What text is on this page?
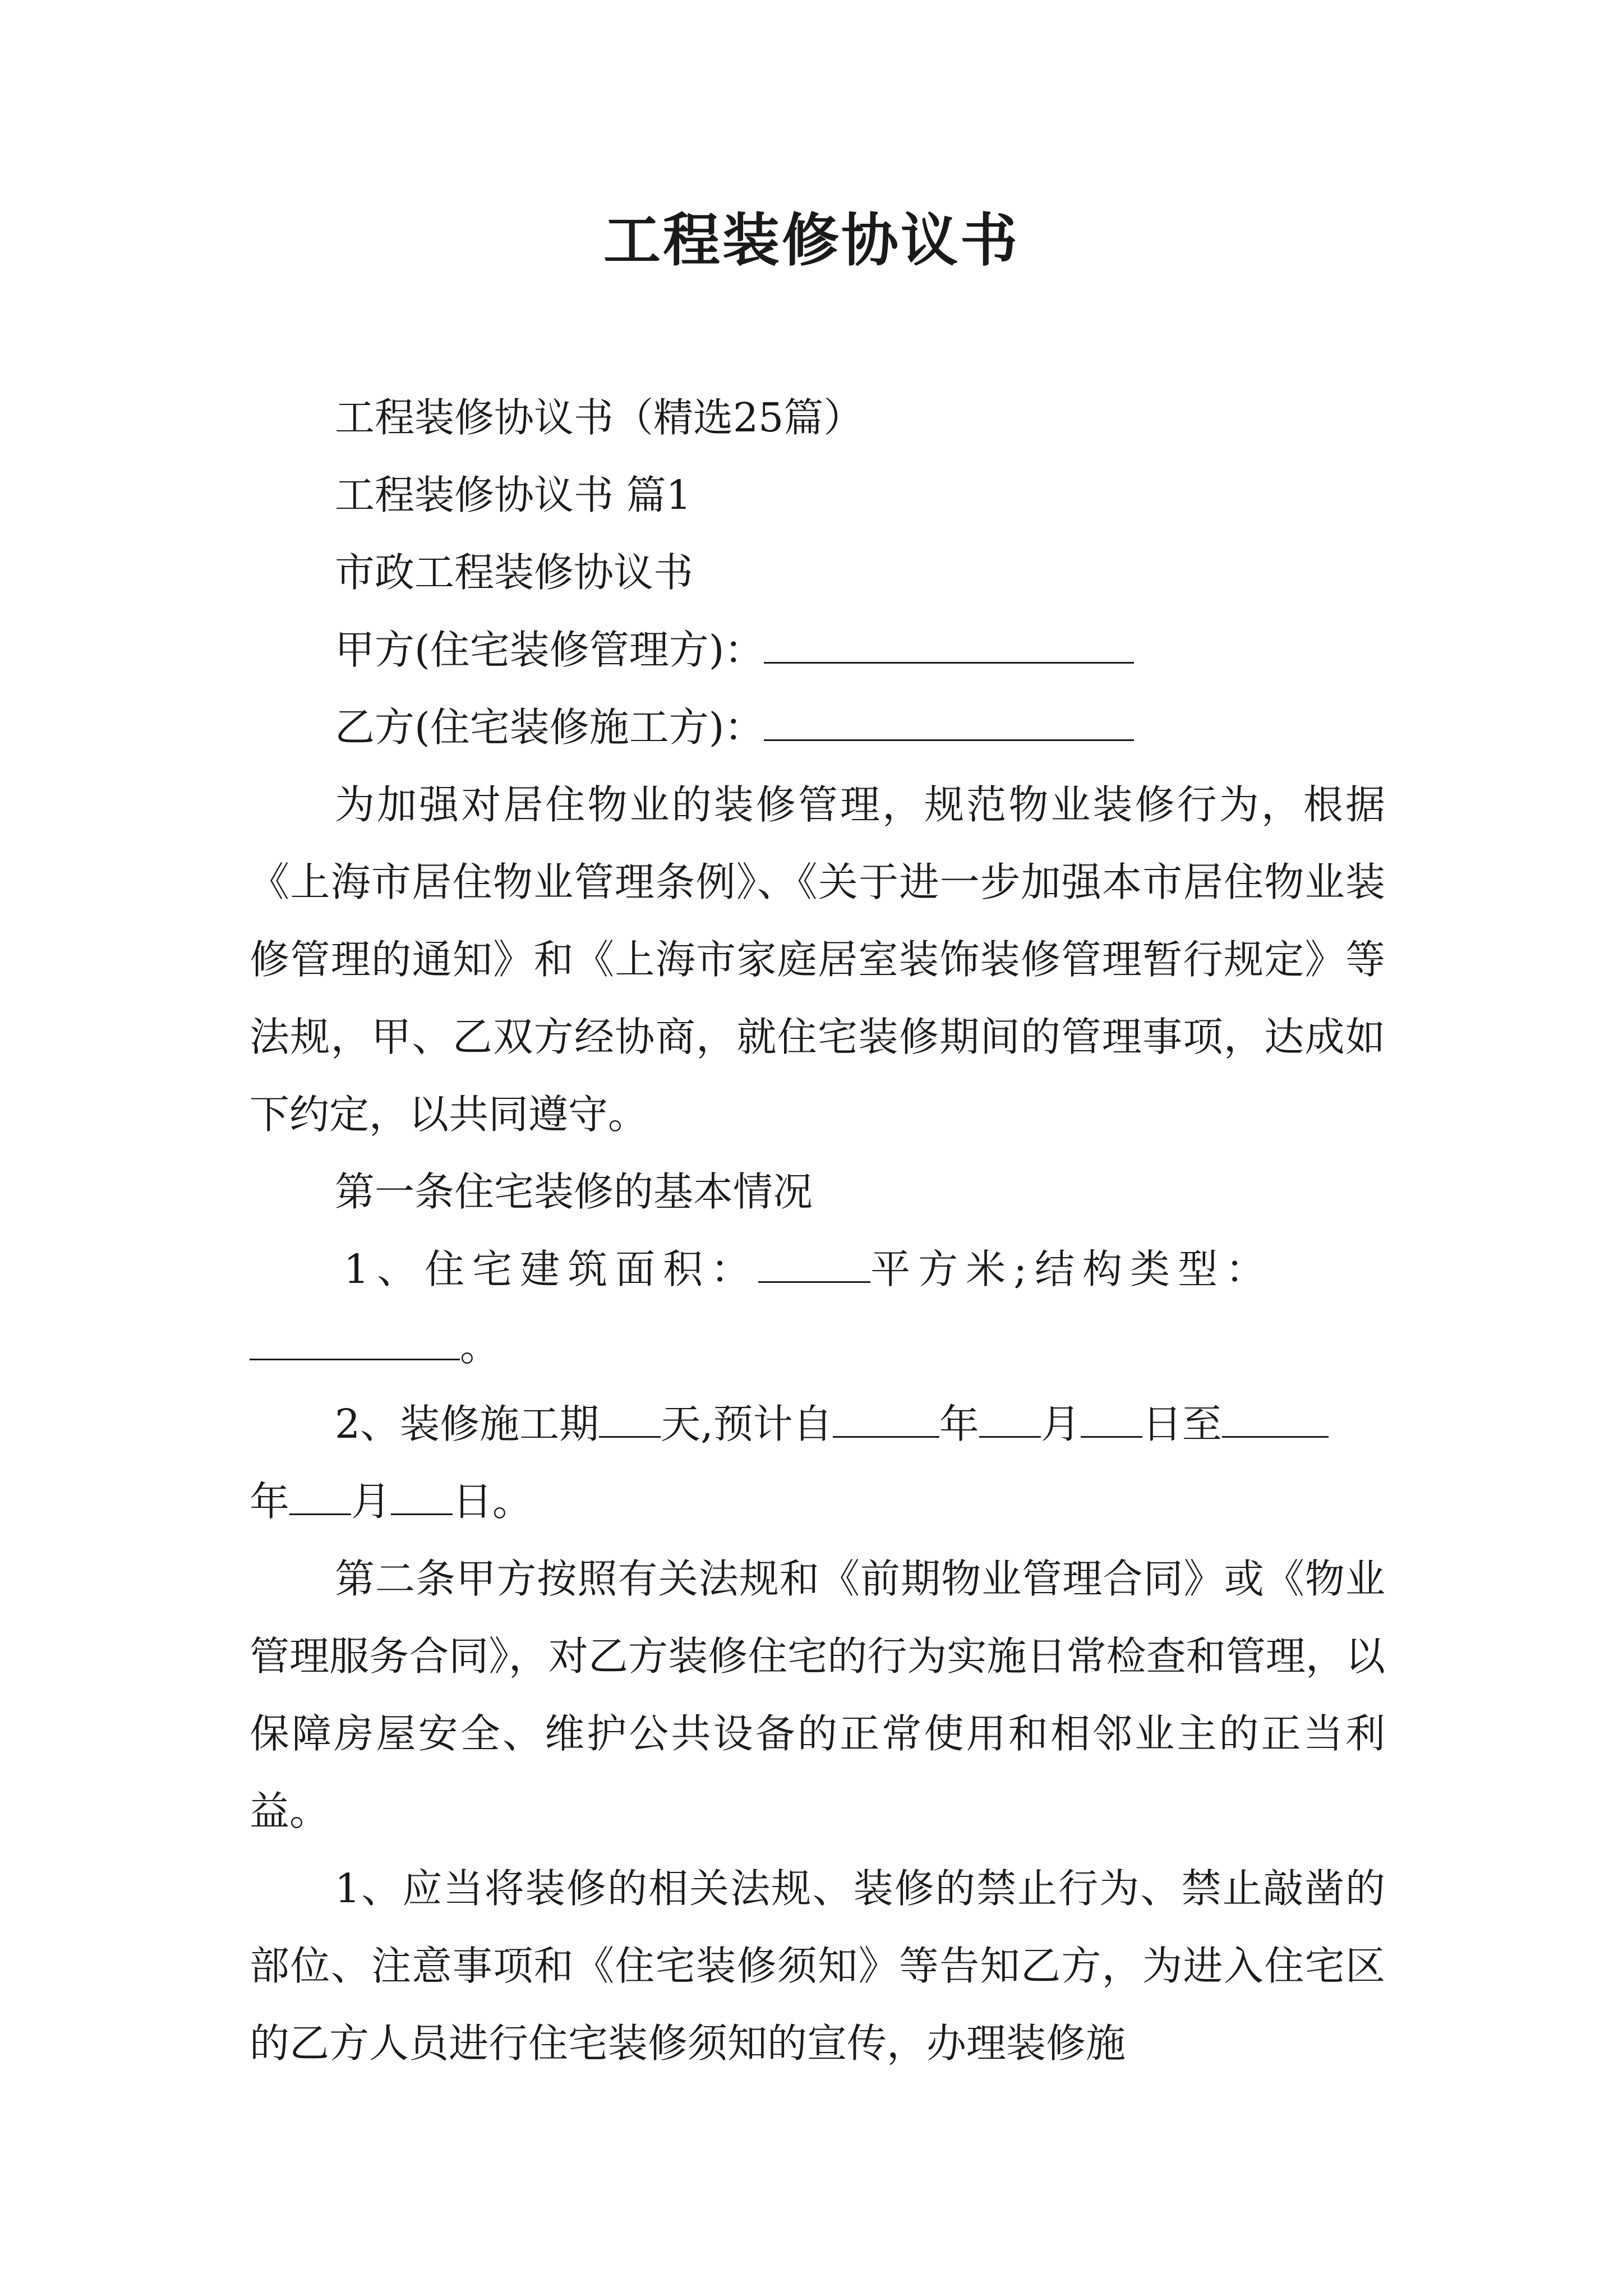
工程装修协议书

工程装修协议书（精选25篇）

工程装修协议书 篇1

市政工程装修协议书

甲方(住宅装修管理方)：

乙方(住宅装修施工方)：

为加强对居住物业的装修管理，规范物业装修行为，根据《上海市居住物业管理条例》、《关于进一步加强本市居住物业装修管理的通知》和《上海市家庭居室装饰装修管理暂行规定》等法规，甲、乙双方经协商，就住宅装修期间的管理事项，达成如下约定，以共同遵守。

第一条住宅装修的基本情况

1、住宅建筑面积：	平方米;结构类型：
。

2、装修施工期 天,预计自	年 月 日至
年 月 日。

第二条甲方按照有关法规和《前期物业管理合同》或《物业管理服务合同》，对乙方装修住宅的行为实施日常检查和管理，以保障房屋安全、维护公共设备的正常使用和相邻业主的正当利益。

1、应当将装修的相关法规、装修的禁止行为、禁止敲凿的部位、注意事项和《住宅装修须知》等告知乙方，为进入住宅区的乙方人员进行住宅装修须知的宣传，办理装修施
